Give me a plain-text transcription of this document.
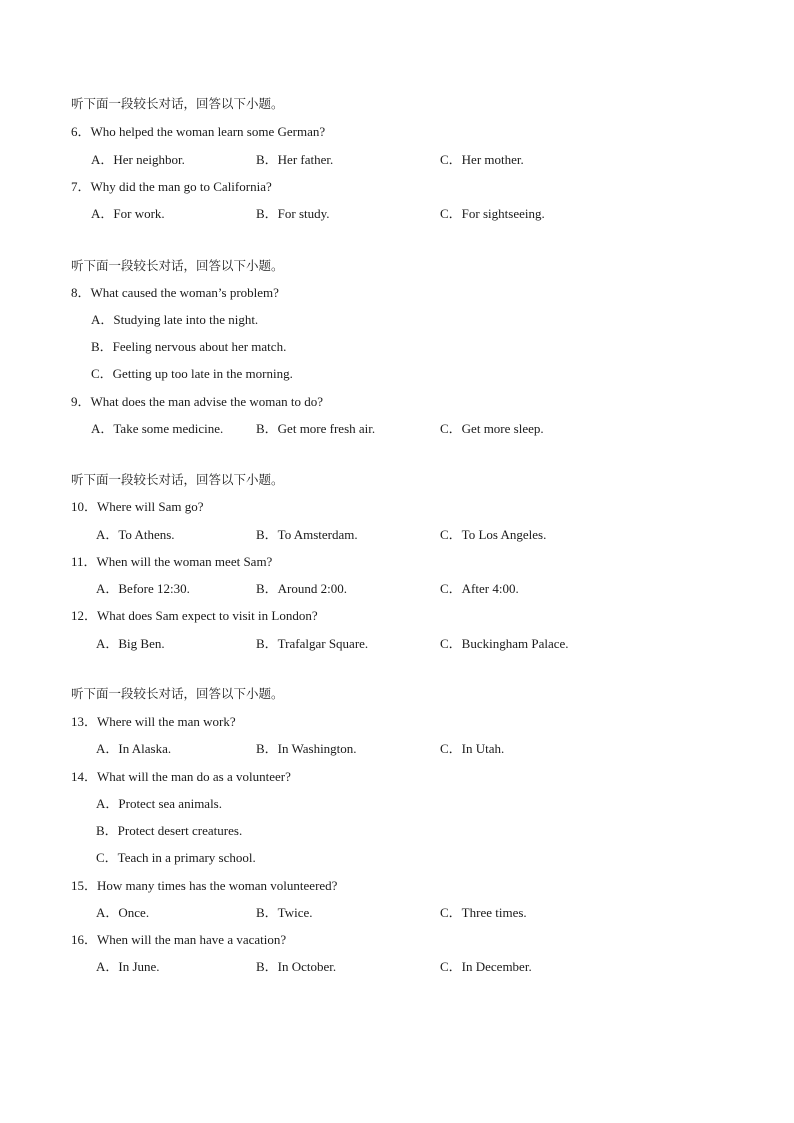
听下面一段较长对话，回答以下小题。
6．Who helped the woman learn some German?
A．Her neighbor.	B．Her father.	C．Her mother.
7．Why did the man go to California?
A．For work.	B．For study.	C．For sightseeing.
听下面一段较长对话，回答以下小题。
8．What caused the woman’s problem?
A．Studying late into the night.
B．Feeling nervous about her match.
C．Getting up too late in the morning.
9．What does the man advise the woman to do?
A．Take some medicine.	B．Get more fresh air.	C．Get more sleep.
听下面一段较长对话，回答以下小题。
10．Where will Sam go?
A．To Athens.	B．To Amsterdam.	C．To Los Angeles.
11．When will the woman meet Sam?
A．Before 12:30.	B．Around 2:00.	C．After 4:00.
12．What does Sam expect to visit in London?
A．Big Ben.	B．Trafalgar Square.	C．Buckingham Palace.
听下面一段较长对话，回答以下小题。
13．Where will the man work?
A．In Alaska.	B．In Washington.	C．In Utah.
14．What will the man do as a volunteer?
A．Protect sea animals.
B．Protect desert creatures.
C．Teach in a primary school.
15．How many times has the woman volunteered?
A．Once.	B．Twice.	C．Three times.
16．When will the man have a vacation?
A．In June.	B．In October.	C．In December.
